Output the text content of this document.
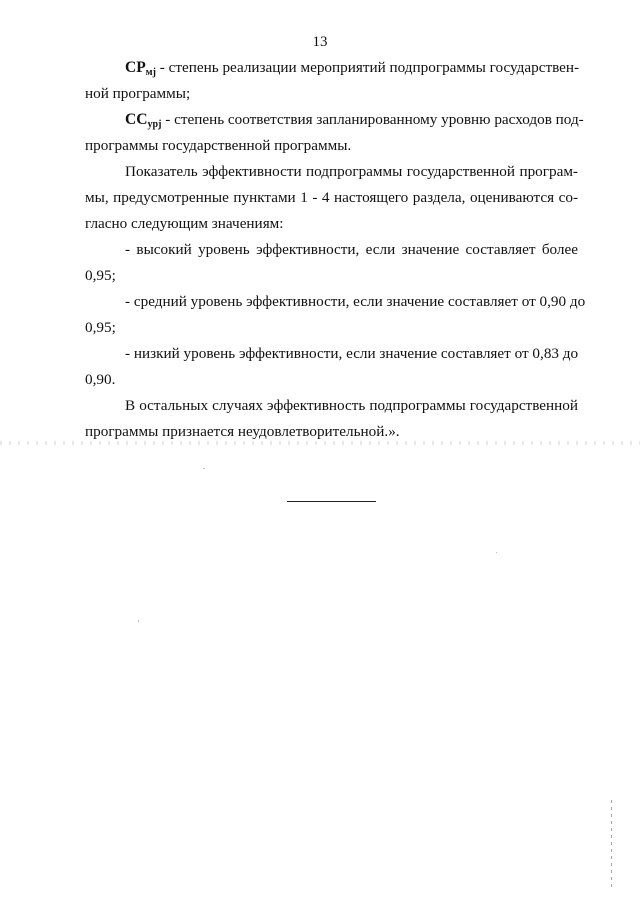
13
СРмj - степень реализации мероприятий подпрограммы государствен-
ной программы;
ССурj - степень соответствия запланированному уровню расходов под-
программы государственной программы.
Показатель эффективности подпрограммы государственной програм-
мы, предусмотренные пунктами 1 - 4 настоящего раздела, оцениваются со-
гласно следующим значениям:
- высокий уровень эффективности, если значение составляет более
0,95;
- средний уровень эффективности, если значение составляет от 0,90 до
0,95;
- низкий уровень эффективности, если значение составляет от 0,83 до
0,90.
В остальных случаях эффективность подпрограммы государственной
программы признается неудовлетворительной.».
